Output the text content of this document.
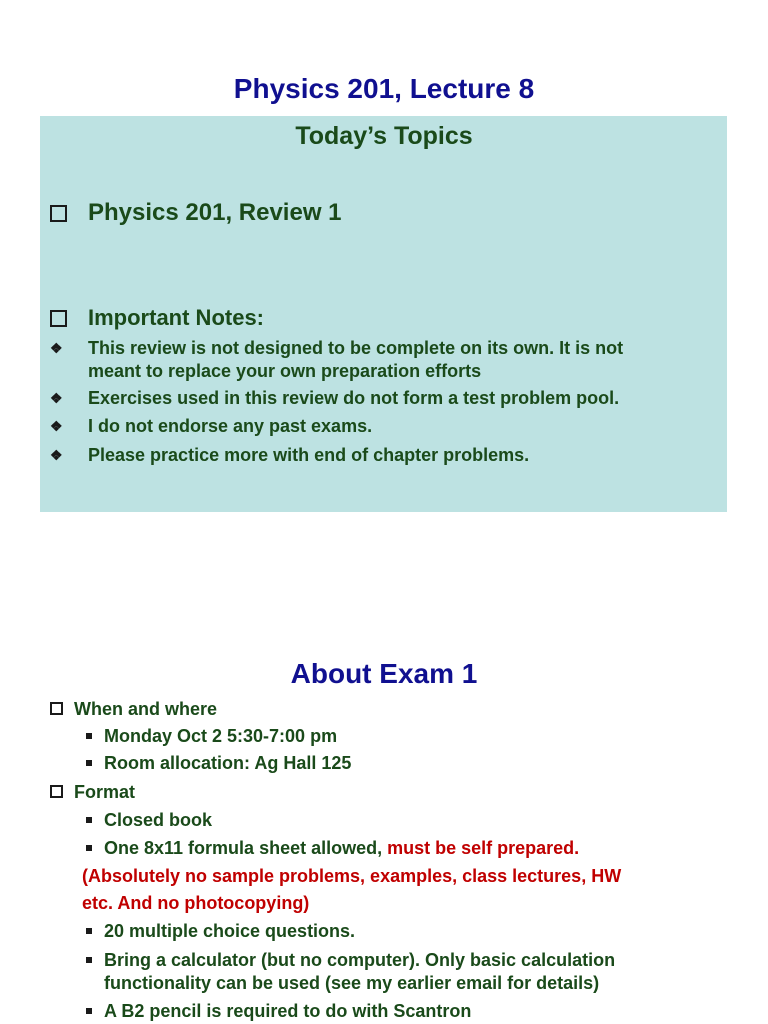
Physics 201, Lecture 8
Today’s Topics
Physics 201, Review 1
Important Notes:
❖ This review is not designed to be complete on its own. It is not
meant to replace your own preparation efforts
❖ Exercises used in this review do not form a test problem pool.
❖ I do not endorse any past exams.
❖ Please practice more with end of chapter problems.
About Exam 1
When and where
Monday Oct 2 5:30-7:00 pm
Room allocation: Ag Hall 125
Format
Closed book
One 8x11 formula sheet allowed, must be self prepared.
(Absolutely no sample problems, examples, class lectures, HW
etc. And no photocopying)
20 multiple choice questions.
Bring a calculator (but no computer). Only basic calculation
functionality can be used (see my earlier email for details)
A B2 pencil is required to do with Scantron
